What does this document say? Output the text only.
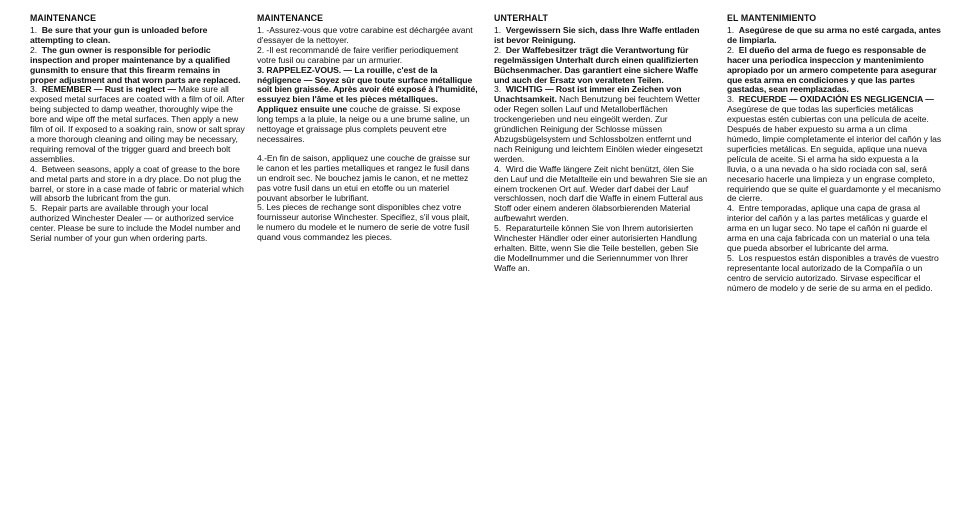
MAINTENANCE

1. Be sure that your gun is unloaded before attempting to clean.

2. The gun owner is responsible for periodic inspection and proper maintenance by a qualified gunsmith to ensure that this firearm remains in proper adjustment and that worn parts are replaced.

3. REMEMBER — Rust is neglect — Make sure all exposed metal surfaces are coated with a film of oil. After being subjected to damp weather, thoroughly wipe the bore and wipe off the metal surfaces. Then apply a new film of oil. If exposed to a soaking rain, snow or salt spray a more thorough cleaning and oiling may be necessary, requiring removal of the trigger guard and breech bolt assemblies.

4. Between seasons, apply a coat of grease to the bore and metal parts and store in a dry place. Do not plug the barrel, or store in a case made of fabric or material which will absorb the lubricant from the gun.

5. Repair parts are available through your local authorized Winchester Dealer — or authorized service center. Please be sure to include the Model number and Serial number of your gun when ordering parts.

MAINTENANCE

1. -Assurez-vous que votre carabine est déchargée avant d'essayer de la nettoyer.

2. -Il est recommandé de faire verifier periodiquement votre fusil ou carabine par un armurier.

3. RAPPELEZ-VOUS. — La rouille, c'est de la négligence — Soyez sûr que toute surface métallique soit bien graissée. Après avoir été exposé à l'humidité, essuyez bien l'âme et les pièces métalliques. Appliquez ensuite une couche de graisse. Si expose long temps a la pluie, la neige ou a une brume saline, un nettoyage et graissage plus complets peuvent etre necessaires.

4.-En fin de saison, appliquez une couche de graisse sur le canon et les parties metalliques et rangez le fusil dans un endroit sec. Ne bouchez jamis le canon, et ne mettez pas votre fusil dans un etui en etoffe ou un materiel pouvant absorber le lubrifiant.

5. Les pieces de rechange sont disponibles chez votre fournisseur autorise Winchester. Specifiez, s'il vous plait, le numero du modele et le numero de serie de votre fusil quand vous commandez les pieces.

UNTERHALT

1. Vergewissern Sie sich, dass Ihre Waffe entladen ist bevor Reinigung.

2. Der Waffebesitzer trägt die Verantwortung für regelmässigen Unterhalt durch einen qualifizierten Büchsenmacher. Das garantiert eine sichere Waffe und auch der Ersatz von veralteten Teilen.

3. WICHTIG — Rost ist immer ein Zeichen von Unachtsamkeit. Nach Benutzung bei feuchtem Wetter oder Regen sollen Lauf und Metalloberflächen trockengerieben und neu eingeölt werden. Zur gründlichen Reinigung der Schlosse müssen Abzugsbügelsystem und Schlossbolzen entfernt und nach Reinigung und leichtem Einölen wieder eingesetzt werden.

4. Wird die Waffe längere Zeit nicht benützt, ölen Sie den Lauf und die Metallteile ein und bewahren Sie sie an einem trockenen Ort auf. Weder darf dabei der Lauf verschlossen, noch darf die Waffe in einem Futteral aus Stoff oder einem anderen ölabsorbierenden Material aufbewahrt werden.

5. Reparaturteile können Sie von Ihrem autorisierten Winchester Händler oder einer autorisierten Handlung erhalten. Bitte, wenn Sie die Teile bestellen, geben Sie die Modellnummer und die Seriennummer von Ihrer Waffe an.

EL MANTENIMIENTO

1. Asegúrese de que su arma no esté cargada, antes de limpiarla.

2. El dueño del arma de fuego es responsable de hacer una periodica inspeccion y mantenimiento apropiado por un armero competente para asegurar que esta arma en condiciones y que las partes gastadas, sean reemplazadas.

3. RECUERDE — OXIDACIÓN ES NEGLIGENCIA — Asegúrese de que todas las superficies metálicas expuestas estén cubiertas con una película de aceite. Después de haber expuesto su arma a un clima húmedo, limpie completamente el interior del cañón y las superficies metálicas. En seguida, aplique una nueva película de aceite. Si el arma ha sido expuesta a la lluvia, o a una nevada o ha sido rociada con sal, será necesario hacerle una limpieza y un engrase completo, requiriendo que se quite el guardamonte y el mecanismo de cierre.

4. Entre temporadas, aplique una capa de grasa al interior del cañón y a las partes metálicas y guarde el arma en un lugar seco. No tape el cañón ni guarde el arma en una caja fabricada con un material o una tela que pueda absorber el lubricante del arma.

5. Los respuestos están disponibles a través de vuestro representante local autorizado de la Compañía o un centro de servicio autorizado. Sirvase especificar el número de modelo y de serie de su arma en el pedido.
